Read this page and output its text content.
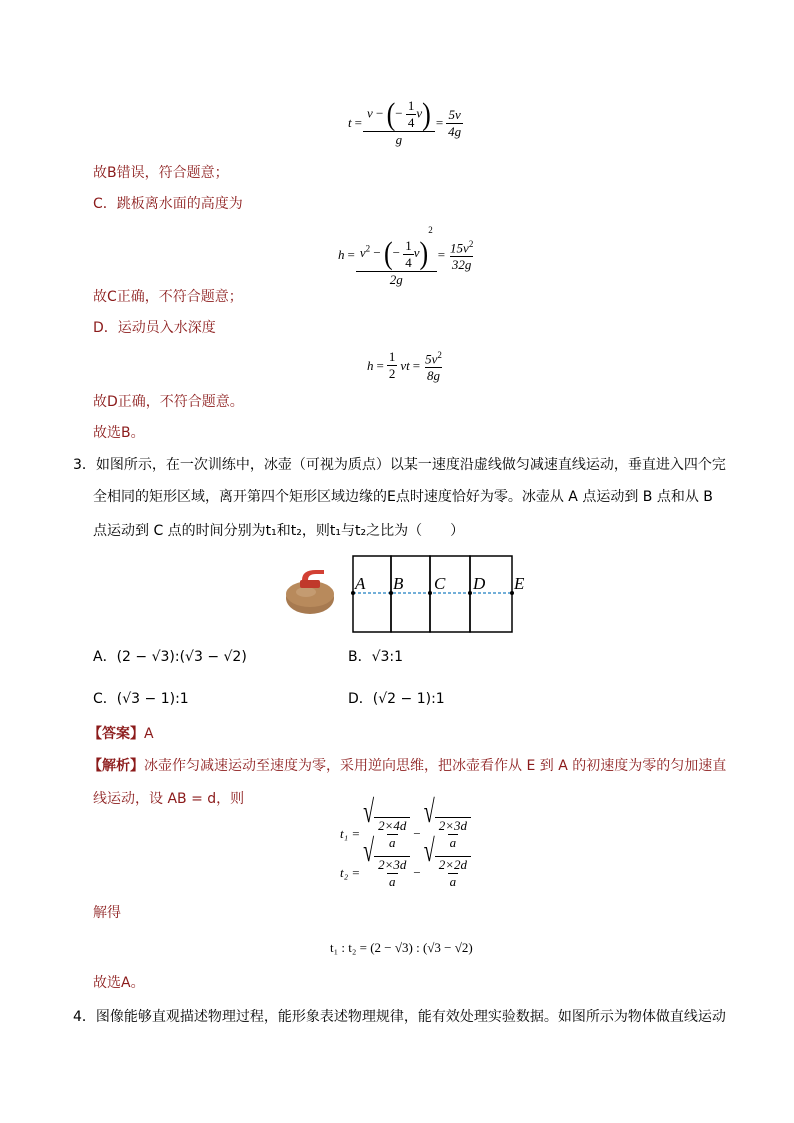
$t = \frac{v - (- \frac{1}{4} v)}{g} = \frac{5v}{4g}$
故B错误，符合题意；
C．跳板离水面的高度为
$h = \frac{v^2 - (- \frac{1}{4} v)^2}{2g} = \frac{15v^2}{32g}$
故C正确，不符合题意；
D．运动员入水深度
$h = \frac{1}{2}$ vt = $\frac{5v^2}{8g}$
故D正确，不符合题意。
故选B。
3．如图所示，在一次训练中，冰壶（可视为质点）以某一速度沿虚线做匀减速直线运动，垂直进入四个完
全相同的矩形区域，离开第四个矩形区域边缘的E点时速度恰好为零。冰壶从 A 点运动到 B 点和从 B
点运动到 C 点的时间分别为t₁和t₂，则t₁与t₂之比为（　　）
A B C D E
A．(2 − √3):(√3 − √2)	B．√3:1
C．(√3 − 1):1	D．(√2 − 1):1
【答案】A
【解析】冰壶作匀减速运动至速度为零，采用逆向思维，把冰壶看作从 E 到 A 的初速度为零的匀加速直
线运动，设 AB = d，则
t₁ =
√
$\frac{2\times 4d}{a}$ −
√
$\frac{2\times 3d}{a}$
t₂ =
√
$\frac{2\times 3d}{a}$ −
√
$\frac{2\times 2d}{a}$
解得
t₁ : t₂ = (2 − √3) : (√3 − √2)
故选A。
4．图像能够直观描述物理过程，能形象表述物理规律，能有效处理实验数据。如图所示为物体做直线运动
